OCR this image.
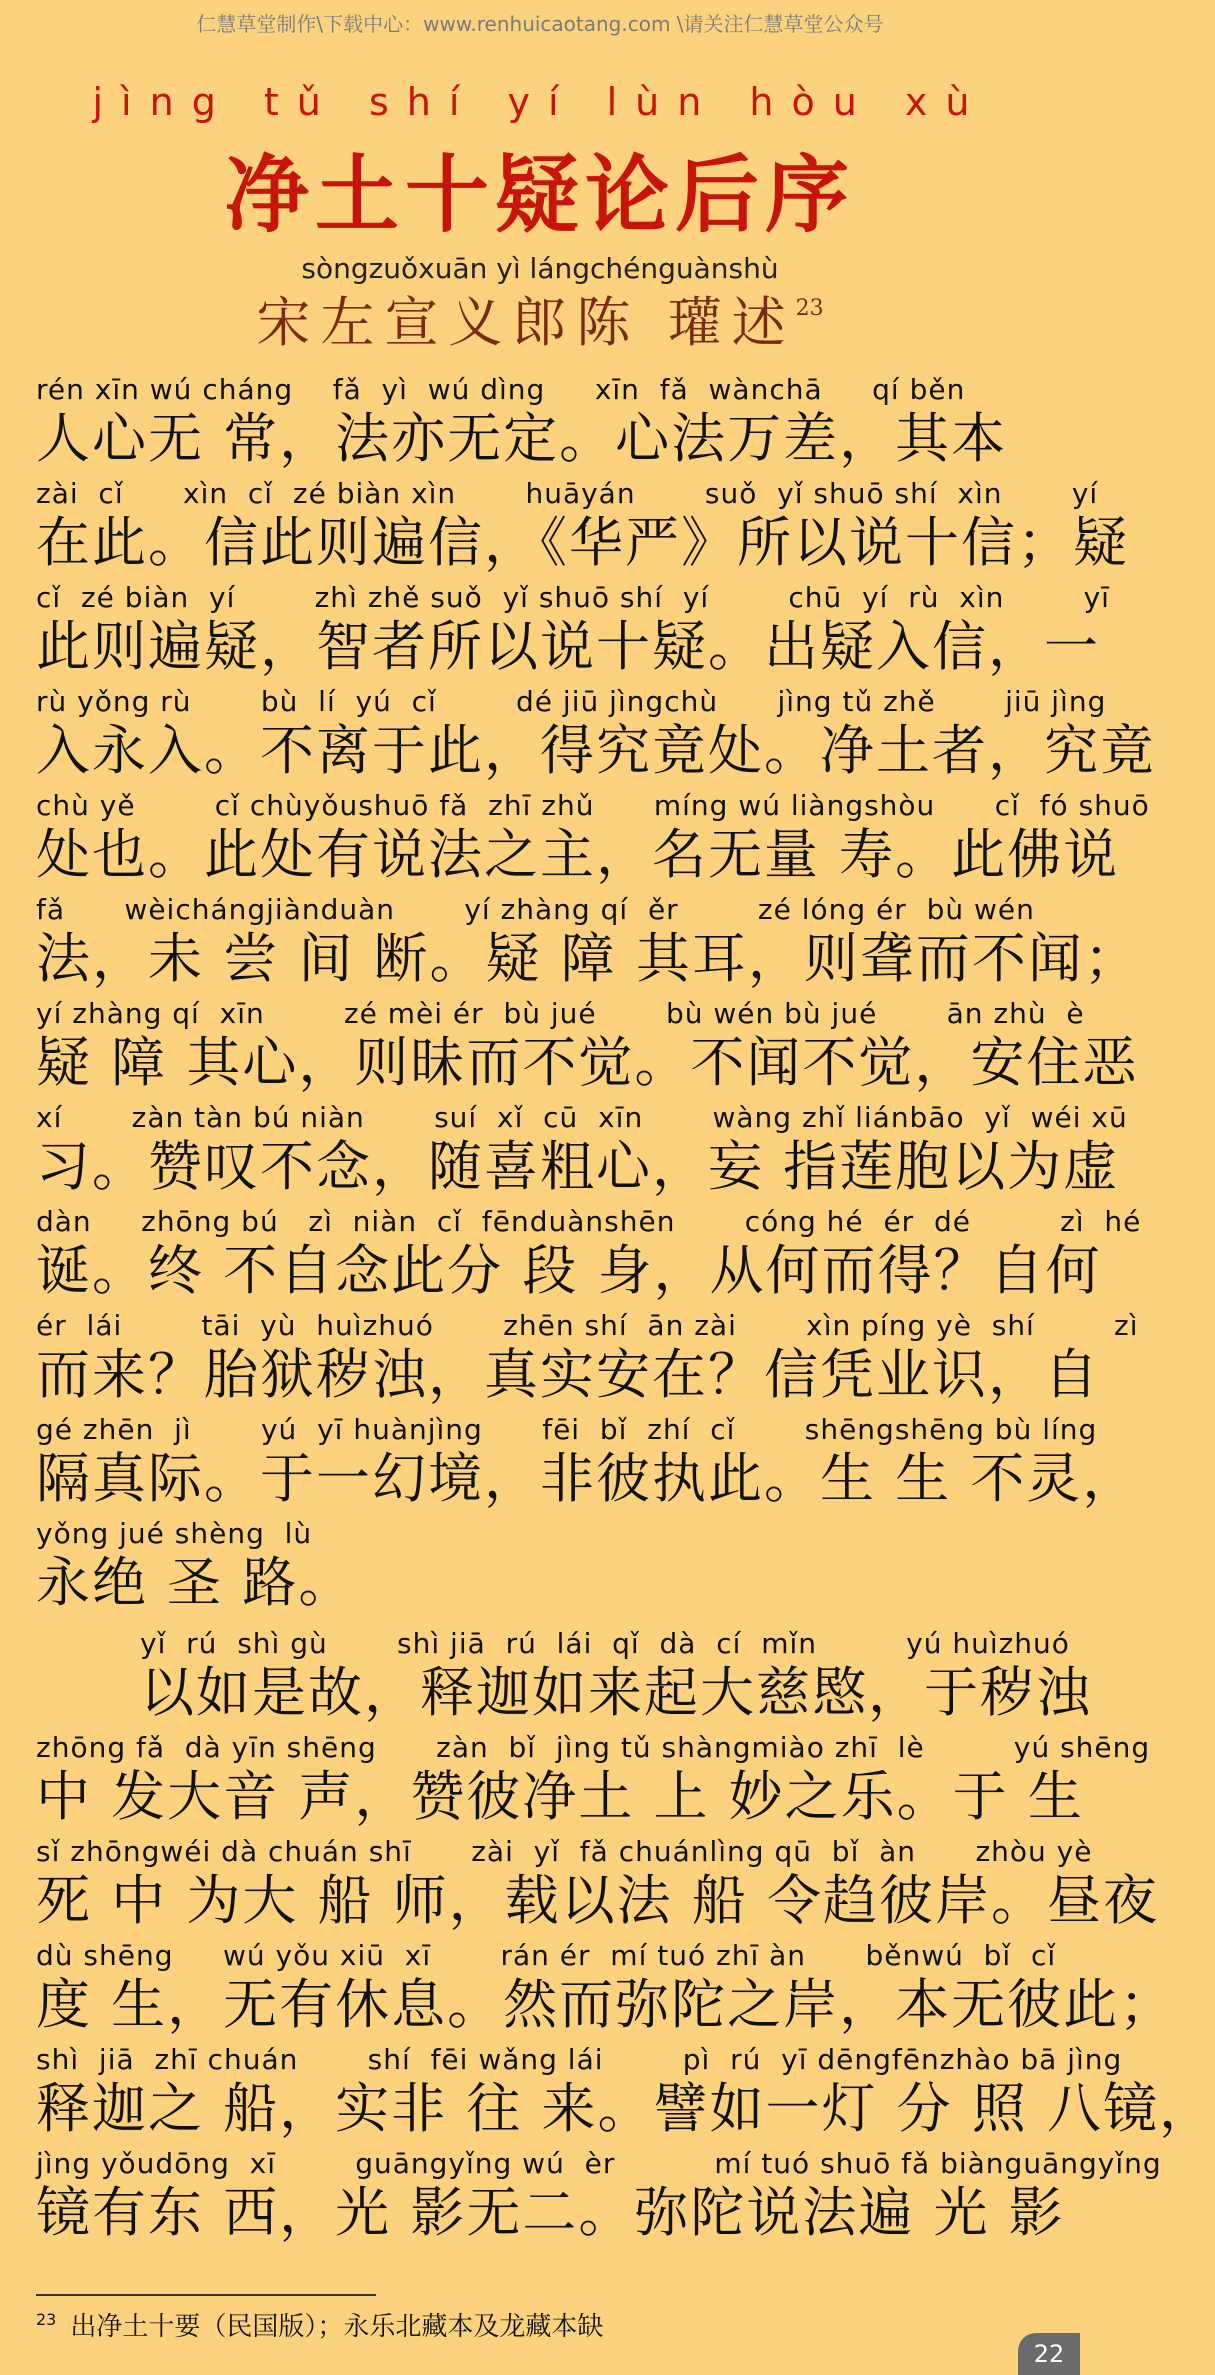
仁慧草堂制作\下载中心：www.renhuicaotang.com \请关注仁慧草堂公众号
jìng tǔ shí yí lùn hòu xù
净土十疑论后序
sòngzuǒxuān yì lángchénguànshù
宋左宣义郎陈 瓘述$^{23}$
rén xīn wú cháng    fǎ  yì  wú dìng     xīn  fǎ  wànchā     qí běn
人心无 常，法亦无定。心法万差，其本
zài  cǐ      xìn  cǐ  zé biàn xìn       huāyán       suǒ  yǐ shuō shí  xìn       yí
在此。信此则遍信，《华严》所以说十信；疑
cǐ  zé biàn  yí        zhì zhě suǒ  yǐ shuō shí  yí        chū  yí  rù  xìn        yī
此则遍疑，智者所以说十疑。出疑入信，一
rù yǒng rù       bù  lí  yú  cǐ        dé jiū jìngchù      jìng tǔ zhě       jiū jìng
入永入。不离于此，得究竟处。净土者，究竟
chù yě        cǐ chùyǒushuō fǎ  zhī zhǔ      míng wú liàngshòu      cǐ  fó shuō
处也。此处有说法之主，名无量 寿。此佛说
fǎ      wèichángjiànduàn       yí zhàng qí  ěr        zé lóng ér  bù wén
法，未 尝 间 断。疑 障 其耳，则聋而不闻；
yí zhàng qí  xīn        zé mèi ér  bù jué       bù wén bù jué       ān zhù  è
疑 障 其心，则昧而不觉。不闻不觉，安住恶
xí       zàn tàn bú niàn       suí  xǐ  cū  xīn       wàng zhǐ liánbāo  yǐ  wéi xū
习。赞叹不念，随喜粗心，妄 指莲胞以为虚
dàn     zhōng bú   zì  niàn  cǐ  fēnduànshēn       cóng hé  ér  dé         zì  hé
诞。终 不自念此分 段 身，从何而得？自何
ér  lái        tāi  yù  huìzhuó       zhēn shí  ān zài       xìn píng yè  shí        zì
而来？胎狱秽浊，真实安在？信凭业识，自
gé zhēn  jì       yú  yī huànjìng      fēi  bǐ  zhí  cǐ       shēngshēng bù líng
隔真际。于一幻境，非彼执此。生 生 不灵，
yǒng jué shèng  lù
永绝 圣 路。
yǐ  rú  shì gù       shì jiā  rú  lái  qǐ  dà  cí  mǐn         yú huìzhuó
以如是故，释迦如来起大慈愍，于秽浊
zhōng fǎ  dà yīn shēng      zàn  bǐ  jìng tǔ shàngmiào zhī  lè         yú shēng
中 发大音 声，赞彼净土 上 妙之乐。于 生
sǐ zhōngwéi dà chuán shī      zài  yǐ  fǎ chuánlìng qū  bǐ  àn      zhòu yè
死 中 为大 船 师，载以法 船 令趋彼岸。昼夜
dù shēng     wú yǒu xiū  xī       rán ér  mí tuó zhī àn      běnwú  bǐ  cǐ
度 生，无有休息。然而弥陀之岸，本无彼此；
shì  jiā  zhī chuán       shí  fēi wǎng lái        pì  rú  yī dēngfēnzhào bā jìng
释迦之 船，实非 往 来。譬如一灯 分 照 八镜，
jìng yǒudōng  xī        guāngyǐng wú  èr          mí tuó shuō fǎ biànguāngyǐng
镜有东 西，光 影无二。弥陀说法遍 光 影
$^{23}$ 出净土十要（民国版）；永乐北藏本及龙藏本缺
22
